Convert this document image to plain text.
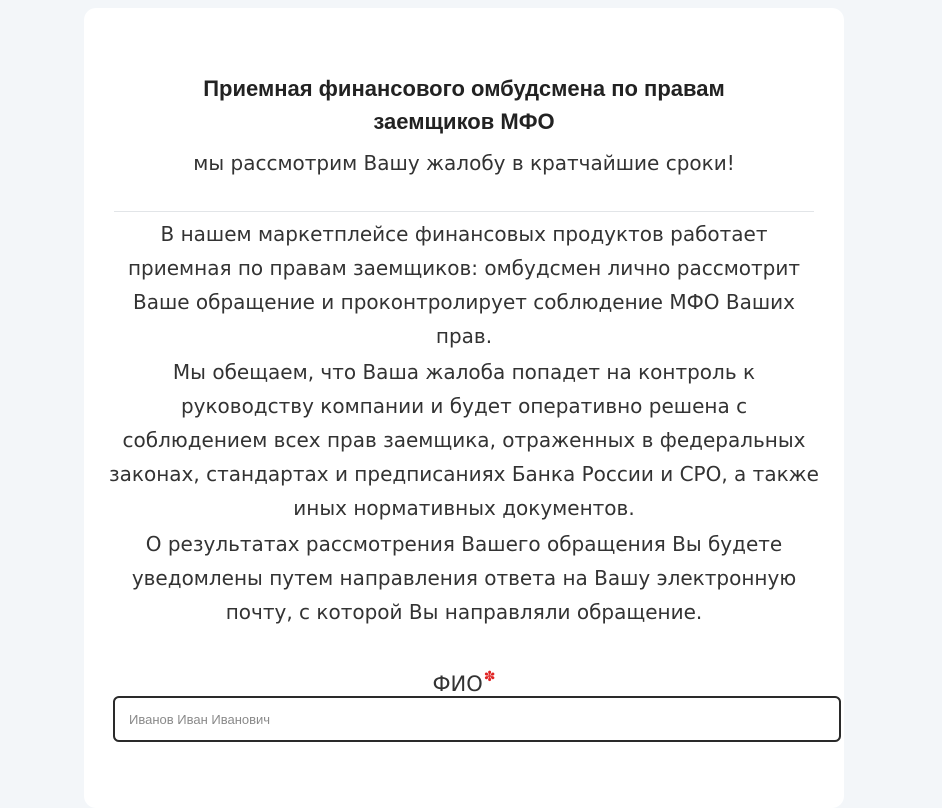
Приемная финансового омбудсмена по правам
заемщиков МФО

мы рассмотрим Вашу жалобу в кратчайшие сроки!

В нашем маркетплейсе финансовых продуктов работает
приемная по правам заемщиков: омбудсмен лично рассмотрит
Ваше обращение и проконтролирует соблюдение МФО Ваших
прав.

Мы обещаем, что Ваша жалоба попадет на контроль к
руководству компании и будет оперативно решена с
соблюдением всех прав заемщика, отраженных в федеральных
законах, стандартах и предписаниях Банка России и СРО, а также
иных нормативных документов.

О результатах рассмотрения Вашего обращения Вы будете
уведомлены путем направления ответа на Вашу электронную
почту, с которой Вы направляли обращение.

ФИО✽
Иванов Иван Иванович
